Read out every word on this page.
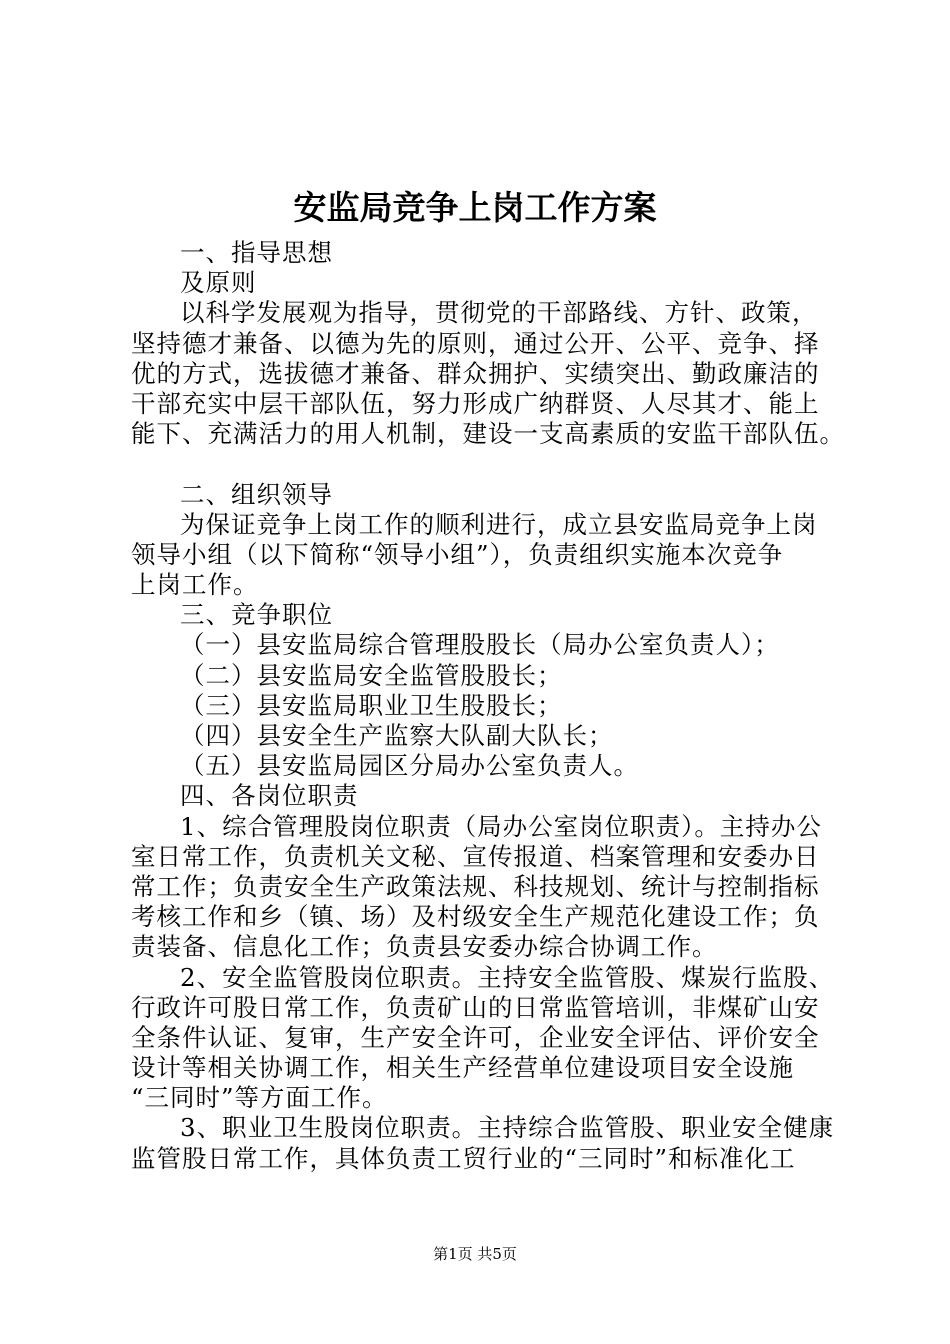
安监局竞争上岗工作方案
一、指导思想
及原则
以科学发展观为指导，贯彻党的干部路线、方针、政策，
坚持德才兼备、以德为先的原则，通过公开、公平、竞争、择
优的方式，选拔德才兼备、群众拥护、实绩突出、勤政廉洁的
干部充实中层干部队伍，努力形成广纳群贤、人尽其才、能上
能下、充满活力的用人机制，建设一支高素质的安监干部队伍。
二、组织领导
为保证竞争上岗工作的顺利进行，成立县安监局竞争上岗
领导小组（以下简称“领导小组”），负责组织实施本次竞争
上岗工作。
三、竞争职位
（一）县安监局综合管理股股长（局办公室负责人）；
（二）县安监局安全监管股股长；
（三）县安监局职业卫生股股长；
（四）县安全生产监察大队副大队长；
（五）县安监局园区分局办公室负责人。
四、各岗位职责
1、综合管理股岗位职责（局办公室岗位职责）。主持办公
室日常工作，负责机关文秘、宣传报道、档案管理和安委办日
常工作；负责安全生产政策法规、科技规划、统计与控制指标
考核工作和乡（镇、场）及村级安全生产规范化建设工作；负
责装备、信息化工作；负责县安委办综合协调工作。
2、安全监管股岗位职责。主持安全监管股、煤炭行监股、
行政许可股日常工作，负责矿山的日常监管培训，非煤矿山安
全条件认证、复审，生产安全许可，企业安全评估、评价安全
设计等相关协调工作，相关生产经营单位建设项目安全设施
“三同时”等方面工作。
3、职业卫生股岗位职责。主持综合监管股、职业安全健康
监管股日常工作，具体负责工贸行业的“三同时”和标准化工
第1页 共5页
